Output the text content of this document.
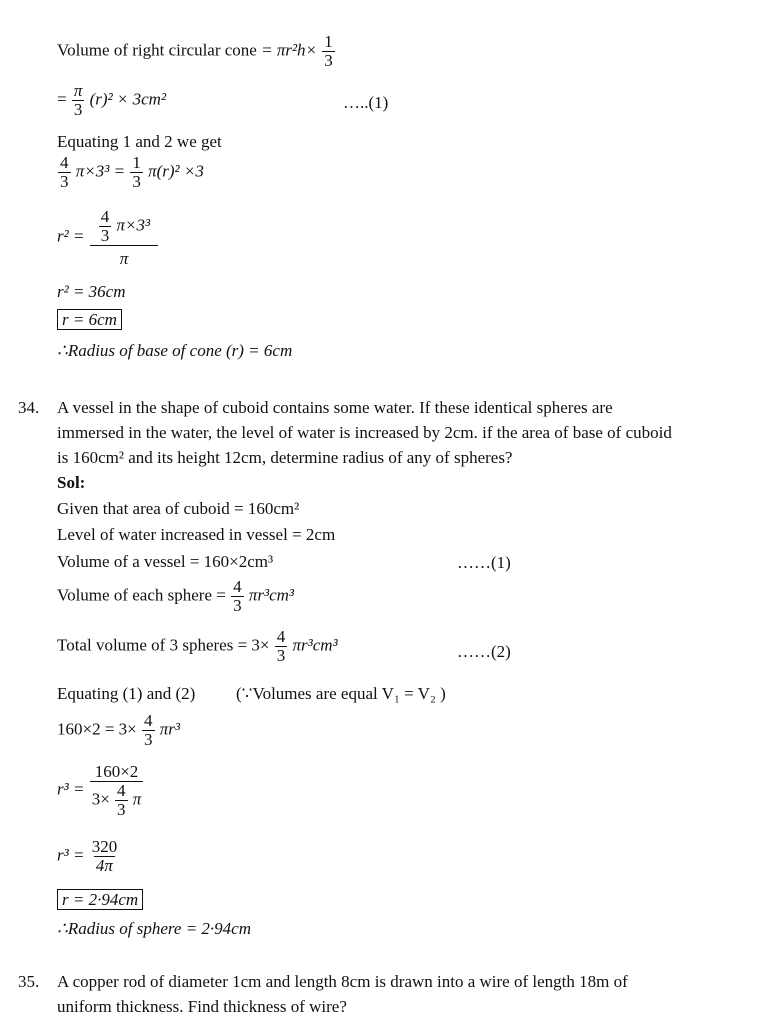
Volume of right circular cone = $\pi r^2h\times \frac{1}{3}$
= $\frac{\pi}{3} (r)^2 \times 3cm^2$	…..(1)
Equating 1 and 2 we get
$\frac{4}{3} \pi\times 3^3 = \frac{1}{3} \pi(r)^2 \times 3$
$r^2 = \frac{\frac{4}{3} \pi\times 3^3}{\pi}$
r² = 36cm
r = 6cm
∴Radius of base of cone (r) = 6cm
34. A vessel in the shape of cuboid contains some water. If these identical spheres are
immersed in the water, the level of water is increased by 2cm. if the area of base of cuboid
is 160cm² and its height 12cm, determine radius of any of spheres?
Sol:
Given that area of cuboid = 160cm²
Level of water increased in vessel = 2cm
Volume of a vessel = 160×2cm³	……(1)
Volume of each sphere = $\frac{4}{3} \pi r^3cm^3$
Total volume of 3 spheres = $3\times \frac{4}{3} \pi r^3cm^3$	……(2)
Equating (1) and (2) (∵Volumes are equal V₁ = V₂ )
$160\times 2 = 3\times \frac{4}{3} \pi r^3$
$r^3 = \frac{160\times 2}{3\times \frac{4}{3} \pi}$
$r^3 = \frac{320}{4\pi}$
r = 2·94cm
∴Radius of sphere = 2·94cm
35. A copper rod of diameter 1cm and length 8cm is drawn into a wire of length 18m of
uniform thickness. Find thickness of wire?
